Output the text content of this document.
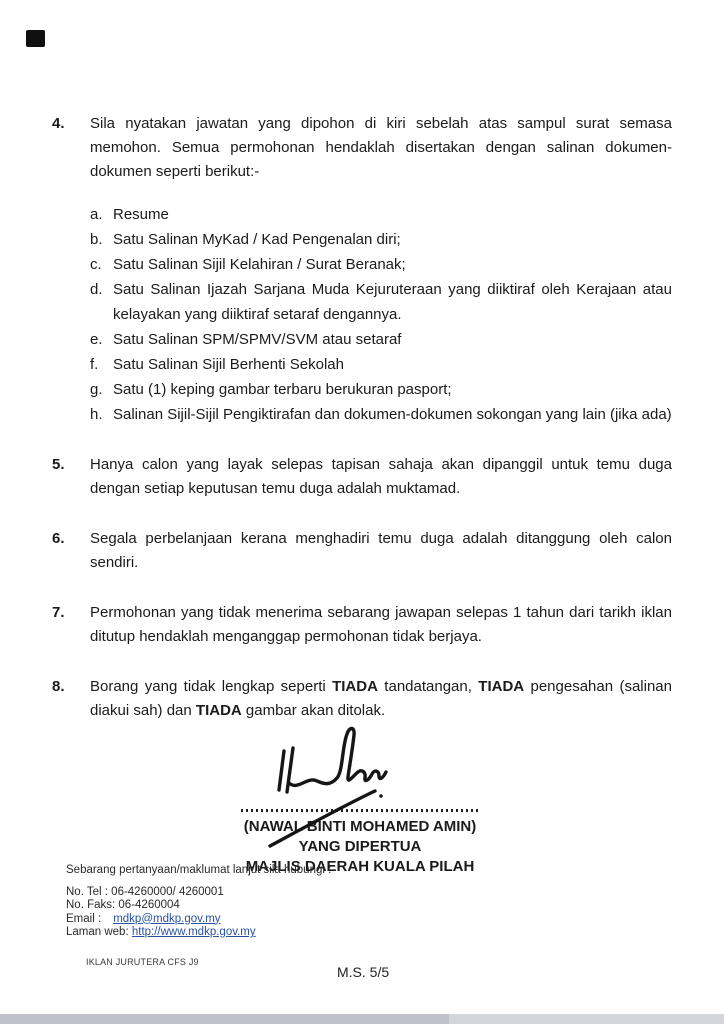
4.	Sila nyatakan jawatan yang dipohon di kiri sebelah atas sampul surat semasa memohon. Semua permohonan hendaklah disertakan dengan salinan dokumen-dokumen seperti berikut:-
a. Resume
b. Satu Salinan MyKad / Kad Pengenalan diri;
c. Satu Salinan Sijil Kelahiran / Surat Beranak;
d. Satu Salinan Ijazah Sarjana Muda Kejuruteraan yang diiktiraf oleh Kerajaan atau kelayakan yang diiktiraf setaraf dengannya.
e. Satu Salinan SPM/SPMV/SVM atau setaraf
f. Satu Salinan Sijil Berhenti Sekolah
g. Satu (1) keping gambar terbaru berukuran pasport;
h. Salinan Sijil-Sijil Pengiktirafan dan dokumen-dokumen sokongan yang lain (jika ada)
5.	Hanya calon yang layak selepas tapisan sahaja akan dipanggil untuk temu duga dengan setiap keputusan temu duga adalah muktamad.
6.	Segala perbelanjaan kerana menghadiri temu duga adalah ditanggung oleh calon sendiri.
7.	Permohonan yang tidak menerima sebarang jawapan selepas 1 tahun dari tarikh iklan ditutup hendaklah menganggap permohonan tidak berjaya.
8.	Borang yang tidak lengkap seperti TIADA tandatangan, TIADA pengesahan (salinan diakui sah) dan TIADA gambar akan ditolak.
(NAWAL BINTI MOHAMED AMIN)
YANG DIPERTUA
MAJLIS DAERAH KUALA PILAH
Sebarang pertanyaan/maklumat lanjut sila hubungi :
No. Tel : 06-4260000/ 4260001
No. Faks: 06-4260004
Email : mdkp@mdkp.gov.my
Laman web: http://www.mdkp.gov.my
IKLAN JURUTERA CFS J9
M.S. 5/5
